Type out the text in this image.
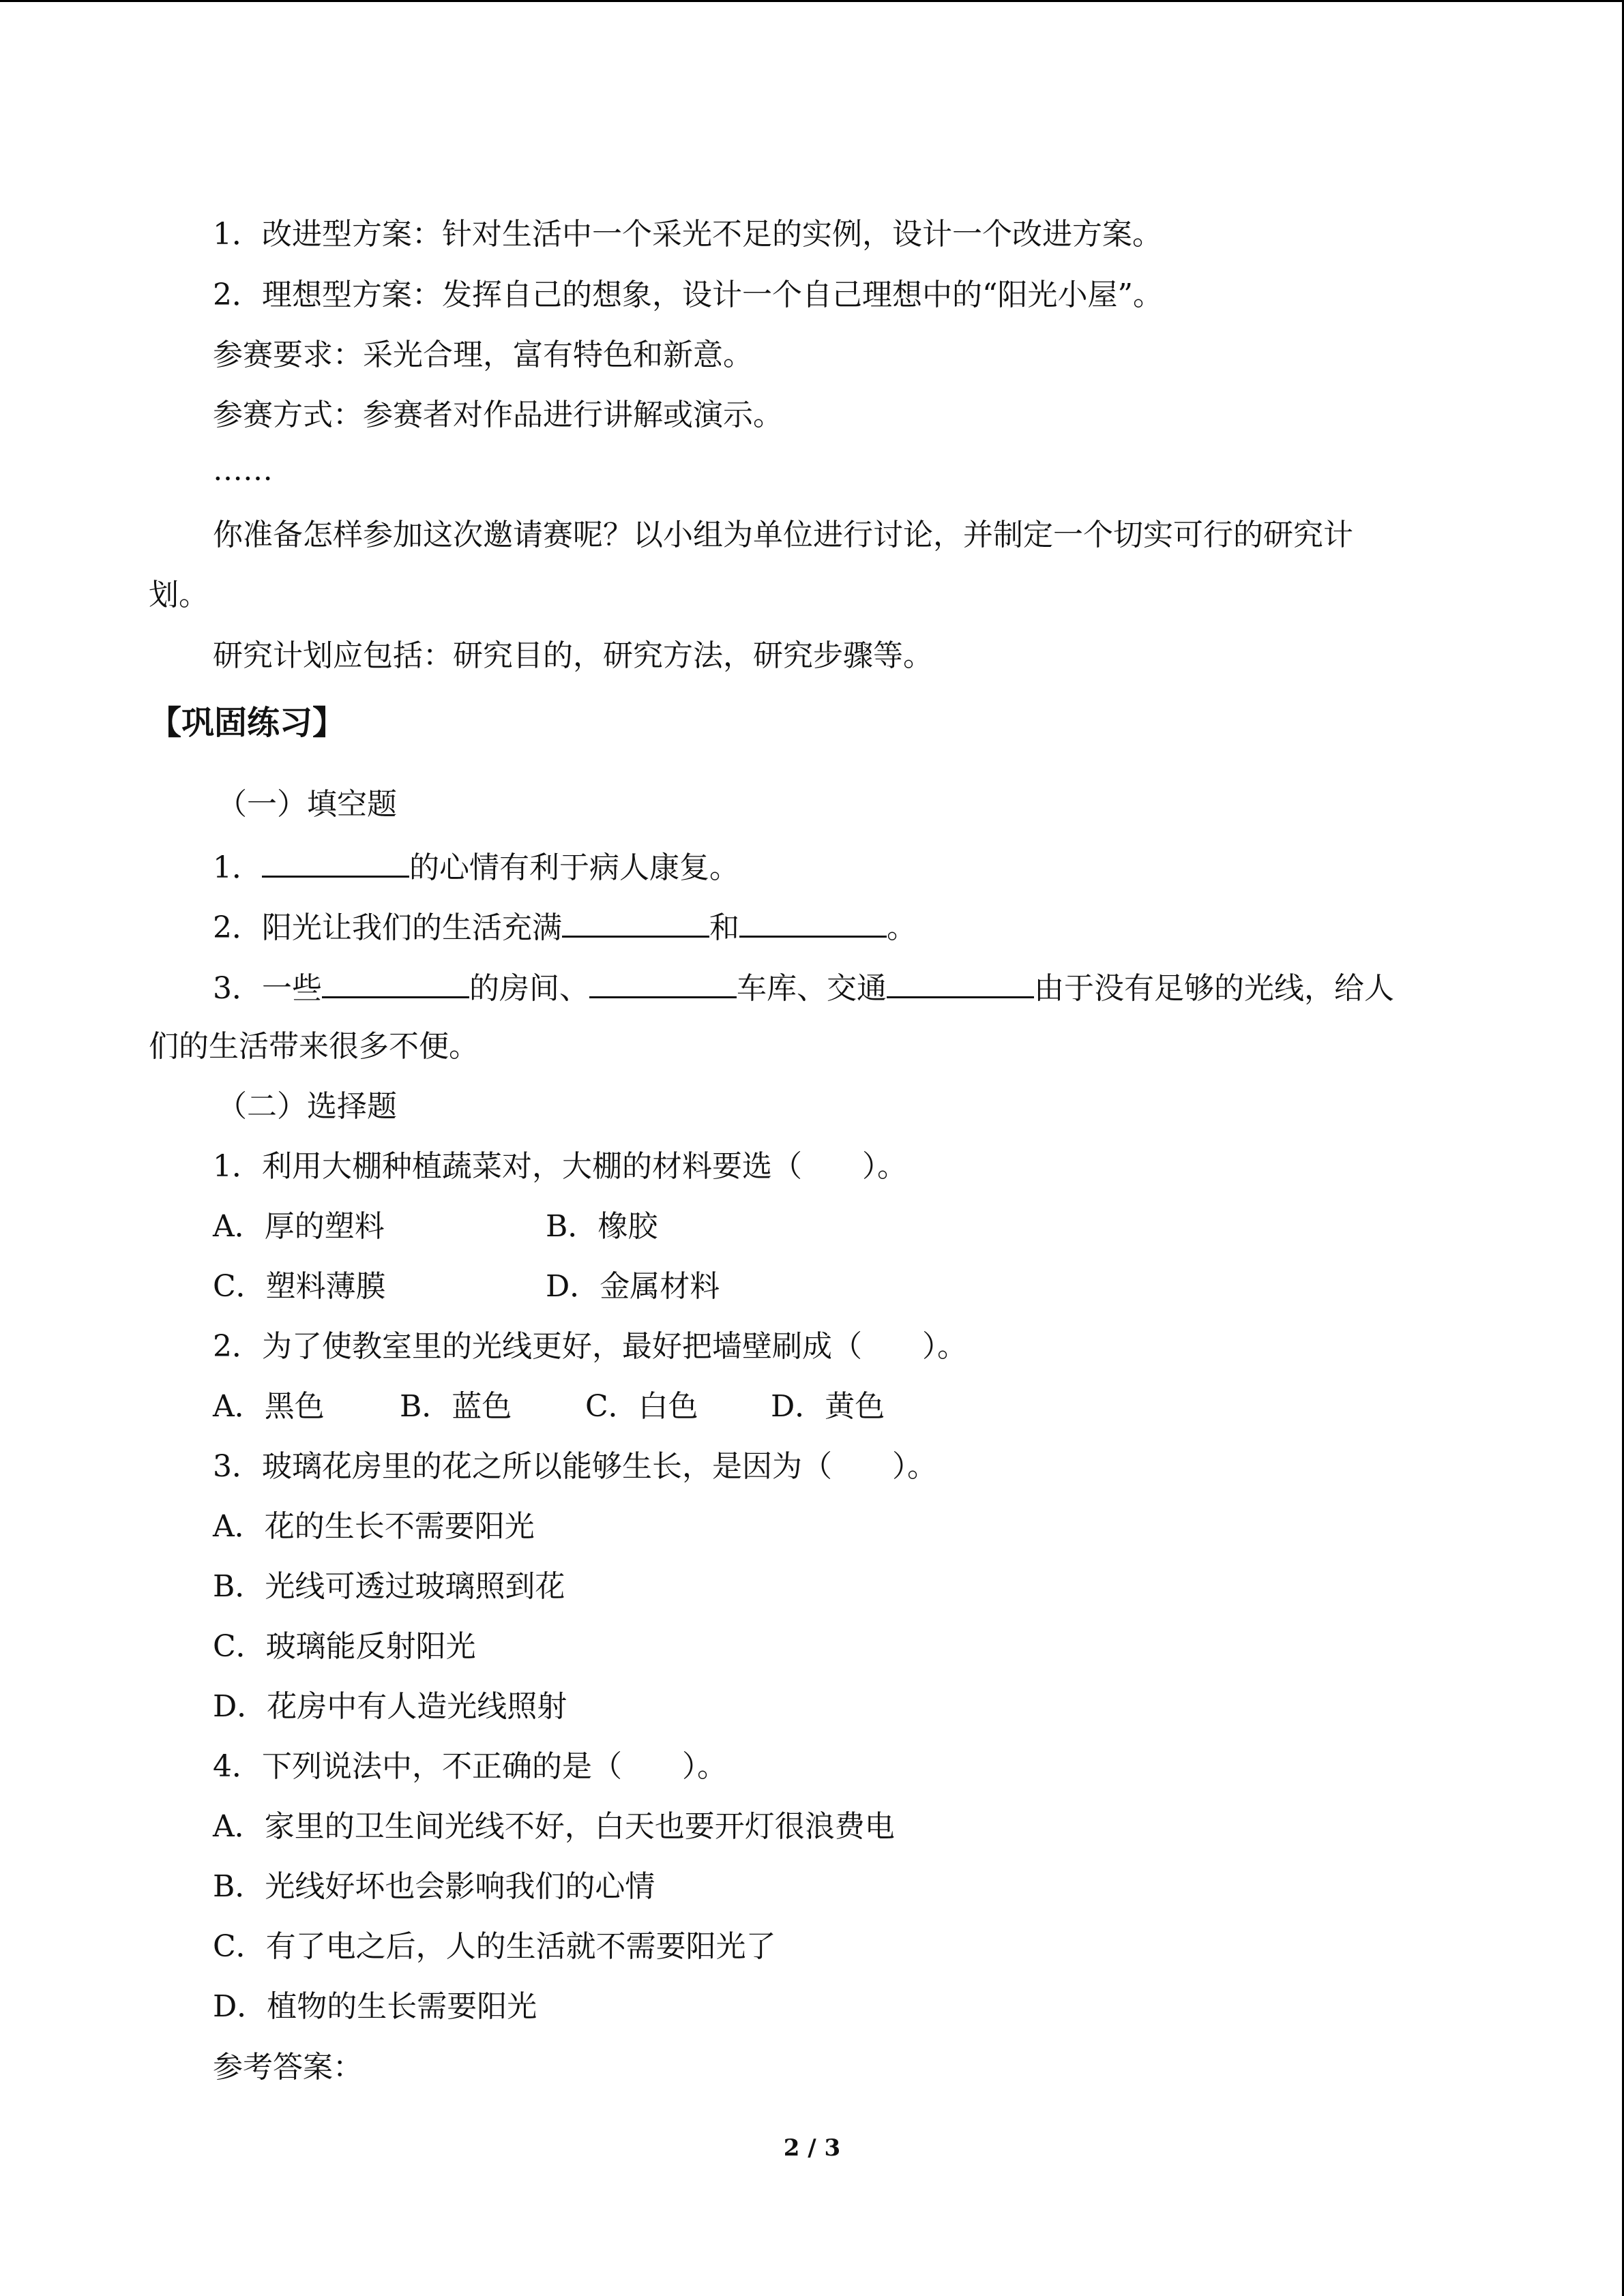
1．改进型方案：针对生活中一个采光不足的实例，设计一个改进方案。
2．理想型方案：发挥自己的想象，设计一个自己理想中的“阳光小屋”。
参赛要求：采光合理，富有特色和新意。
参赛方式：参赛者对作品进行讲解或演示。
……
你准备怎样参加这次邀请赛呢？以小组为单位进行讨论，并制定一个切实可行的研究计
划。
研究计划应包括：研究目的，研究方法，研究步骤等。
【巩固练习】
（一）填空题
1．	的心情有利于病人康复。
2．阳光让我们的生活充满	和	。
3．一些	的房间、	车库、交通	由于没有足够的光线，给人
们的生活带来很多不便。
（二）选择题
1．利用大棚种植蔬菜对，大棚的材料要选（　　）。
A．厚的塑料	B．橡胶
C．塑料薄膜	D．金属材料
2．为了使教室里的光线更好，最好把墙壁刷成（　　）。
A．黑色	B．蓝色 C．白色 D．黄色
3．玻璃花房里的花之所以能够生长，是因为（　　）。
A．花的生长不需要阳光
B．光线可透过玻璃照到花
C．玻璃能反射阳光
D．花房中有人造光线照射
4．下列说法中，不正确的是（　　）。
A．家里的卫生间光线不好，白天也要开灯很浪费电
B．光线好坏也会影响我们的心情
C．有了电之后，人的生活就不需要阳光了
D．植物的生长需要阳光
参考答案：
2 / 3
